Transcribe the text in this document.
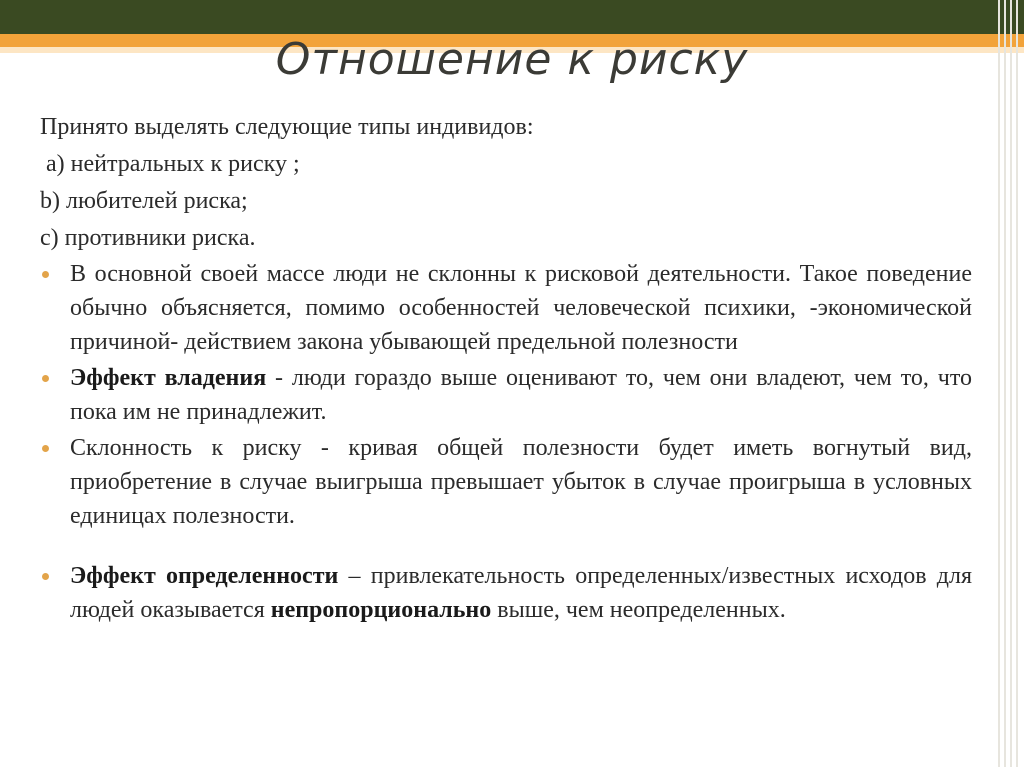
Отношение к риску

Принято выделять следующие типы индивидов:

a) нейтральных к риску ;

b) любителей риска;

c) противники риска.

В основной своей массе люди не склонны к рисковой деятельности. Такое поведение обычно объясняется, помимо особенностей человеческой психики, -экономической причиной- действием закона убывающей предельной полезности

Эффект владения - люди гораздо выше оценивают то, чем они владеют, чем то, что пока им не принадлежит.

Склонность к риску - кривая общей полезности будет иметь вогнутый вид, приобретение в случае выигрыша превышает убыток в случае проигрыша в условных единицах полезности.

Эффект определенности – привлекательность определенных/известных исходов для людей оказывается непропорционально выше, чем неопределенных.
